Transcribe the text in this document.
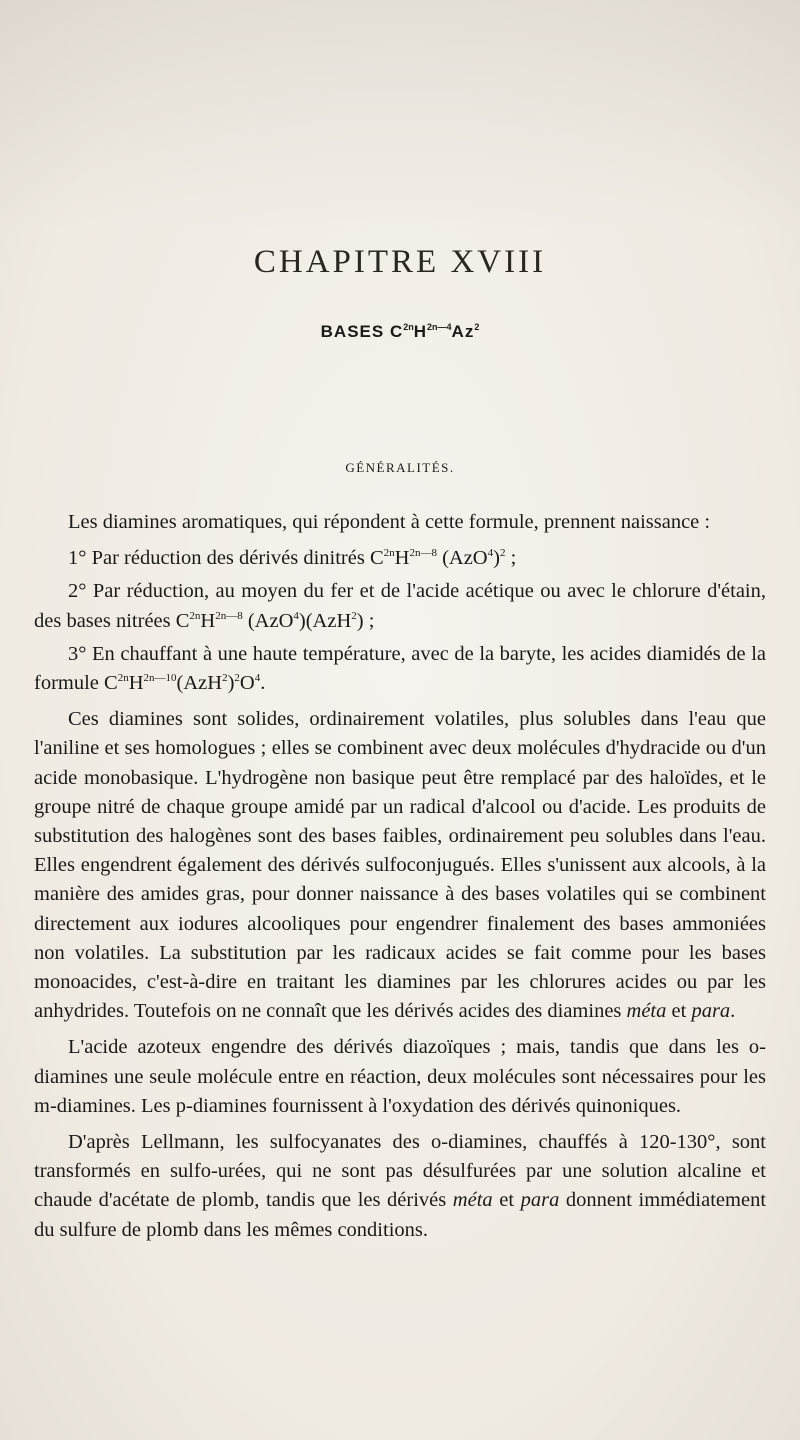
CHAPITRE XVIII
BASES $C^{2n}H^{2n—4}Az^2$
GÉNÉRALITÉS.

Les diamines aromatiques, qui répondent à cette formule, prennent naissance :

1° Par réduction des dérivés dinitrés $C^{2n}H^{2n—8}$ $(AzO^4)^2$ ;

2° Par réduction, au moyen du fer et de l'acide acétique ou avec le chlorure d'étain, des bases nitrées $C^{2n}H^{2n—8}$ (AzO$^4$)(AzH$^2$) ;

3° En chauffant à une haute température, avec de la baryte, les acides diamidés de la formule $C^{2n}H^{2n—10}(AzH^2)^2O^4$.

Ces diamines sont solides, ordinairement volatiles, plus solubles dans l'eau que l'aniline et ses homologues ; elles se combinent avec deux molécules d'hydracide ou d'un acide monobasique. L'hydrogène non basique peut être remplacé par des haloïdes, et le groupe nitré de chaque groupe amidé par un radical d'alcool ou d'acide. Les produits de substitution des halogènes sont des bases faibles, ordinairement peu solubles dans l'eau. Elles engendrent également des dérivés sulfoconjugués. Elles s'unissent aux alcools, à la manière des amides gras, pour donner naissance à des bases volatiles qui se combinent directement aux iodures alcooliques pour engendrer finalement des bases ammoniées non volatiles. La substitution par les radicaux acides se fait comme pour les bases monoacides, c'est-à-dire en traitant les diamines par les chlorures acides ou par les anhydrides. Toutefois on ne connaît que les dérivés acides des diamines méta et para.

L'acide azoteux engendre des dérivés diazoïques ; mais, tandis que dans les o-diamines une seule molécule entre en réaction, deux molécules sont nécessaires pour les m-diamines. Les p-diamines fournissent à l'oxydation des dérivés quinoniques.

D'après Lellmann, les sulfocyanates des o-diamines, chauffés à 120-130°, sont transformés en sulfo-urées, qui ne sont pas désulfurées par une solution alcaline et chaude d'acétate de plomb, tandis que les dérivés méta et para donnent immédiatement du sulfure de plomb dans les mêmes conditions.
